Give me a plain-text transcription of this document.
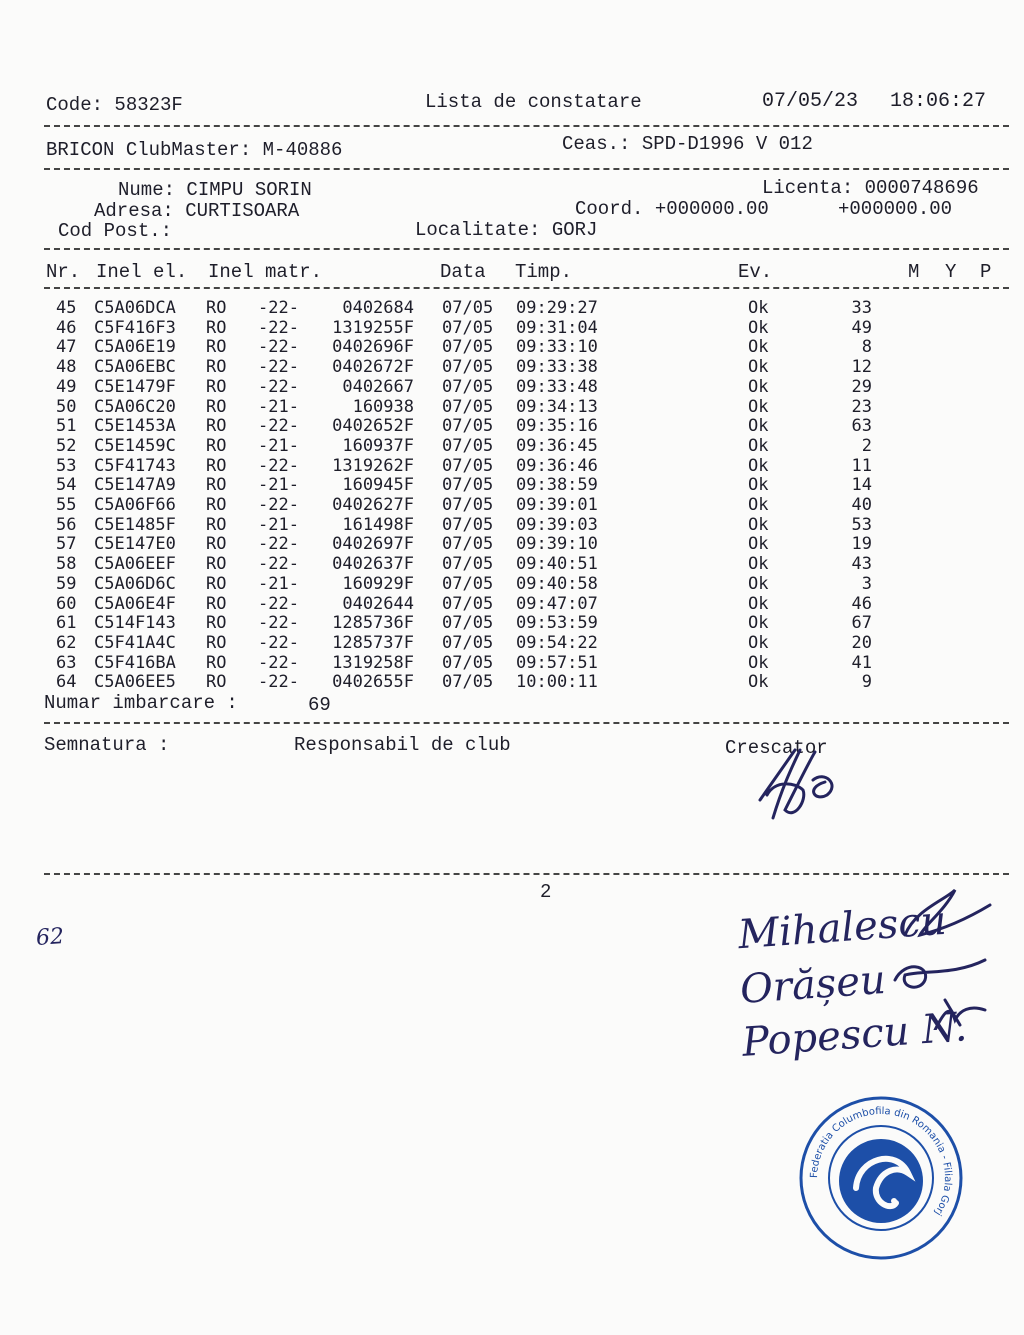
Code: 58323F	Lista de constatare	07/05/23 18:06:27
BRICON ClubMaster: M-40886	Ceas.: SPD-D1996 V 012
Nume: CIMPU SORIN	Licenta: 0000748696
Adresa: CURTISOARA	Coord. +000000.00	+000000.00
Cod Post.:	Localitate: GORJ
Nr. Inel el. Inel matr.	Data Timp.	Ev.	M Y P
45 C5A06DCA RO -22-	0402684 07/05 09:29:27	Ok	33
46 C5F416F3 RO -22- 1319255F 07/05 09:31:04	Ok	49
47 C5A06E19 RO -22- 0402696F 07/05 09:33:10	Ok	8
48 C5A06EBC RO -22- 0402672F 07/05 09:33:38	Ok	12
49 C5E1479F RO -22-	0402667 07/05 09:33:48	Ok	29
50 C5A06C20 RO -21-	160938 07/05 09:34:13	Ok	23
51 C5E1453A RO -22- 0402652F 07/05 09:35:16	Ok	63
52 C5E1459C RO -21-	160937F 07/05 09:36:45	Ok	2
53 C5F41743 RO -22- 1319262F 07/05 09:36:46	Ok	11
54 C5E147A9 RO -21-	160945F 07/05 09:38:59	Ok	14
55 C5A06F66 RO -22- 0402627F 07/05 09:39:01	Ok	40
56 C5E1485F RO -21-	161498F 07/05 09:39:03	Ok	53
57 C5E147E0 RO -22- 0402697F 07/05 09:39:10	Ok	19
58 C5A06EEF RO -22- 0402637F 07/05 09:40:51	Ok	43
59 C5A06D6C RO -21-	160929F 07/05 09:40:58	Ok	3
60 C5A06E4F RO -22-	0402644 07/05 09:47:07	Ok	46
61 C514F143 RO -22- 1285736F 07/05 09:53:59	Ok	67
62 C5F41A4C RO -22- 1285737F 07/05 09:54:22	Ok	20
63 C5F416BA RO -22- 1319258F 07/05 09:57:51	Ok	41
64 C5A06EE5 RO -22- 0402655F 07/05 10:00:11	Ok	9
Numar imbarcare :	69
Semnatura :	Responsabil de club	Crescator
2
62	Mihalescu
Orășeu
Popescu N.
Federatia Columbofila din Romania - Filiala Gorj
